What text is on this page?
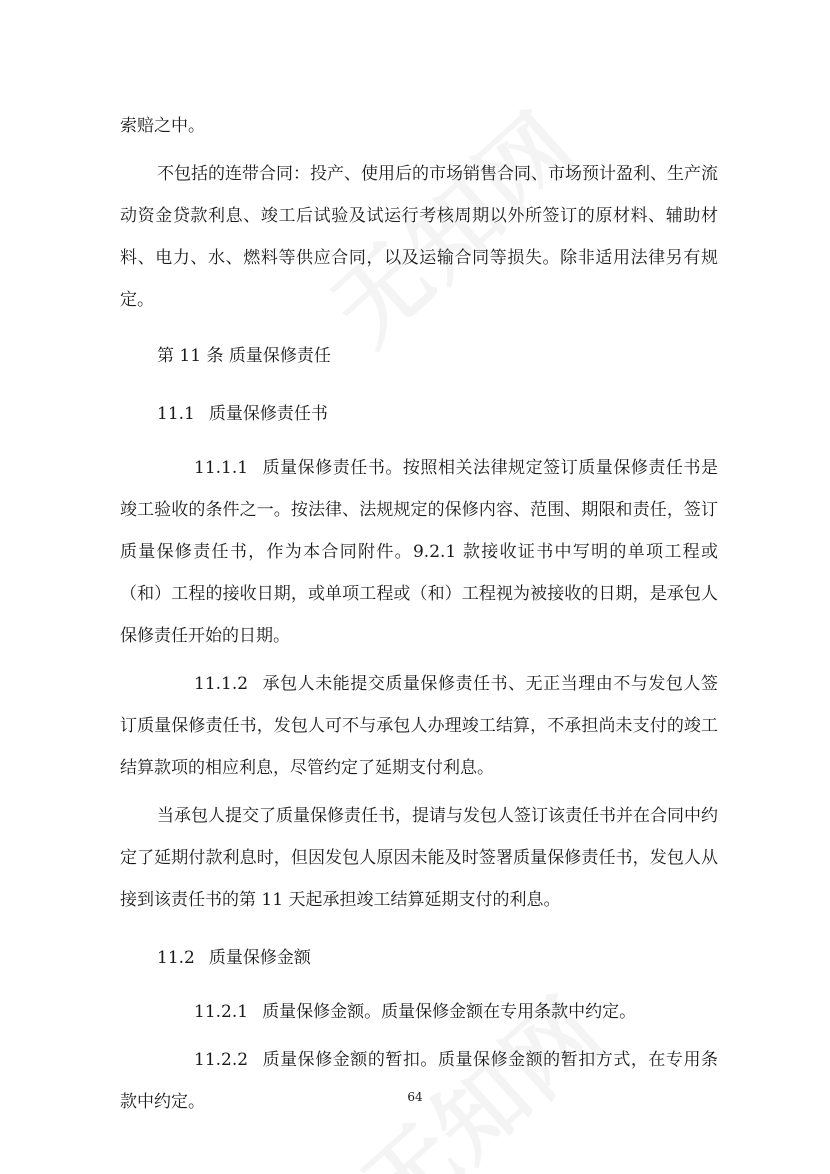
索赔之中。

不包括的连带合同：投产、使用后的市场销售合同、市场预计盈利、生产流动资金贷款利息、竣工后试验及试运行考核周期以外所签订的原材料、辅助材料、电力、水、燃料等供应合同，以及运输合同等损失。除非适用法律另有规定。

第 11 条 质量保修责任

11.1 质量保修责任书

11.1.1 质量保修责任书。按照相关法律规定签订质量保修责任书是竣工验收的条件之一。按法律、法规规定的保修内容、范围、期限和责任，签订质量保修责任书，作为本合同附件。9.2.1 款接收证书中写明的单项工程或（和）工程的接收日期，或单项工程或（和）工程视为被接收的日期，是承包人保修责任开始的日期。

11.1.2 承包人未能提交质量保修责任书、无正当理由不与发包人签订质量保修责任书，发包人可不与承包人办理竣工结算，不承担尚未支付的竣工结算款项的相应利息，尽管约定了延期支付利息。

当承包人提交了质量保修责任书，提请与发包人签订该责任书并在合同中约定了延期付款利息时，但因发包人原因未能及时签署质量保修责任书，发包人从接到该责任书的第 11 天起承担竣工结算延期支付的利息。

11.2 质量保修金额

11.2.1 质量保修金额。质量保修金额在专用条款中约定。

11.2.2 质量保修金额的暂扣。质量保修金额的暂扣方式，在专用条款中约定。	64
